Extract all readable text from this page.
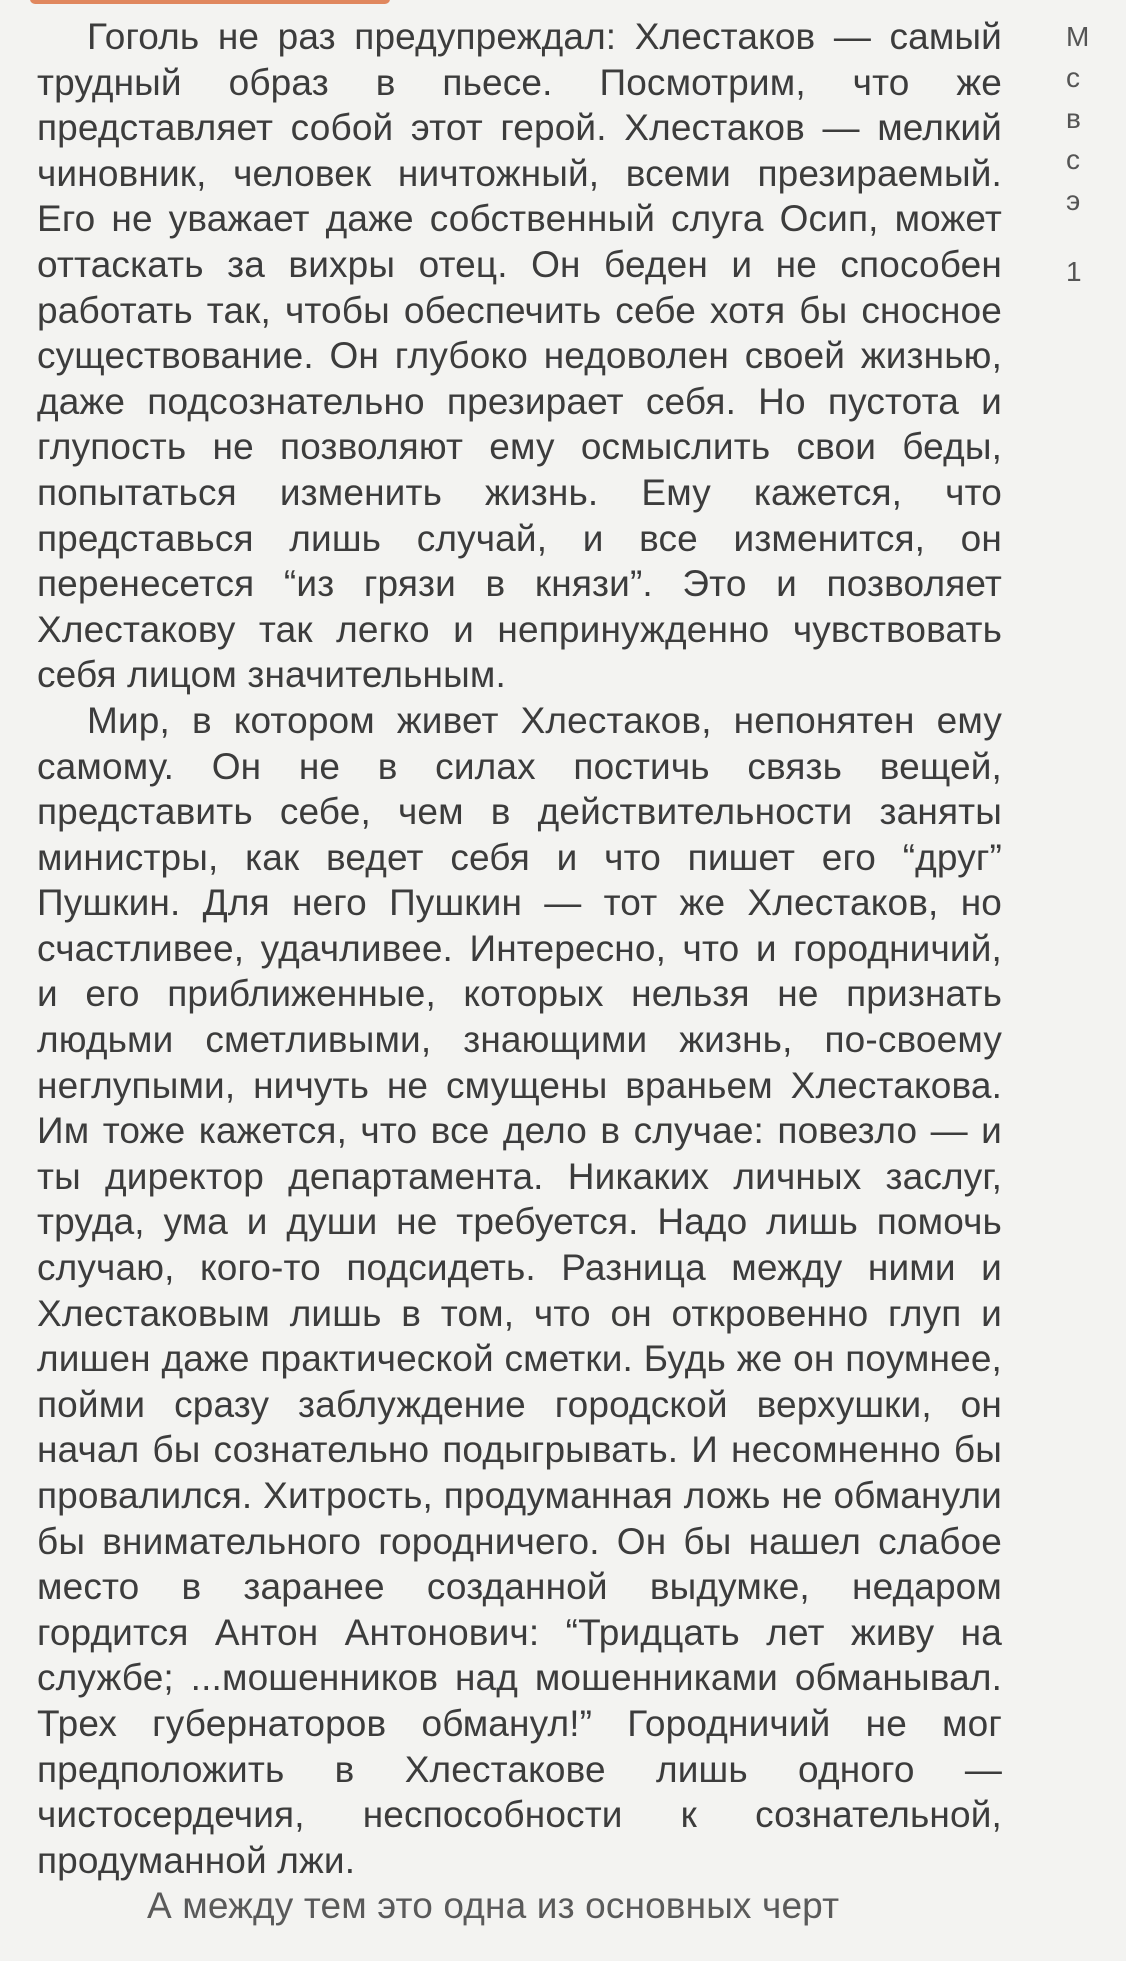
Гоголь не раз предупреждал: Хлестаков — самый трудный образ в пьесе. Посмотрим, что же представляет собой этот герой. Хлестаков — мелкий чиновник, человек ничтожный, всеми презираемый. Его не уважает даже собственный слуга Осип, может оттаскать за вихры отец. Он беден и не способен работать так, чтобы обеспечить себе хотя бы сносное существование. Он глубоко недоволен своей жизнью, даже подсознательно презирает себя. Но пустота и глупость не позволяют ему осмыслить свои беды, попытаться изменить жизнь. Ему кажется, что представься лишь случай, и все изменится, он перенесется “из грязи в князи”. Это и позволяет Хлестакову так легко и непринужденно чувствовать себя лицом значительным.

Мир, в котором живет Хлестаков, непонятен ему самому. Он не в силах постичь связь вещей, представить себе, чем в действительности заняты министры, как ведет себя и что пишет его “друг” Пушкин. Для него Пушкин — тот же Хлестаков, но счастливее, удачливее. Интересно, что и городничий, и его приближенные, которых нельзя не признать людьми сметливыми, знающими жизнь, по-своему неглупыми, ничуть не смущены враньем Хлестакова. Им тоже кажется, что все дело в случае: повезло — и ты директор департамента. Никаких личных заслуг, труда, ума и души не требуется. Надо лишь помочь случаю, кого-то подсидеть. Разница между ними и Хлестаковым лишь в том, что он откровенно глуп и лишен даже практической сметки. Будь же он поумнее, пойми сразу заблуждение городской верхушки, он начал бы сознательно подыгрывать. И несомненно бы провалился. Хитрость, продуманная ложь не обманули бы внимательного городничего. Он бы нашел слабое место в заранее созданной выдумке, недаром гордится Антон Антонович: “Тридцать лет живу на службе; ...мошенников над мошенниками обманывал. Трех губернаторов обманул!” Городничий не мог предположить в Хлестакове лишь одного — чистосердечия, неспособности к сознательной, продуманной лжи.

А между тем это одна из основных черт

М
с
в
с
э
1
